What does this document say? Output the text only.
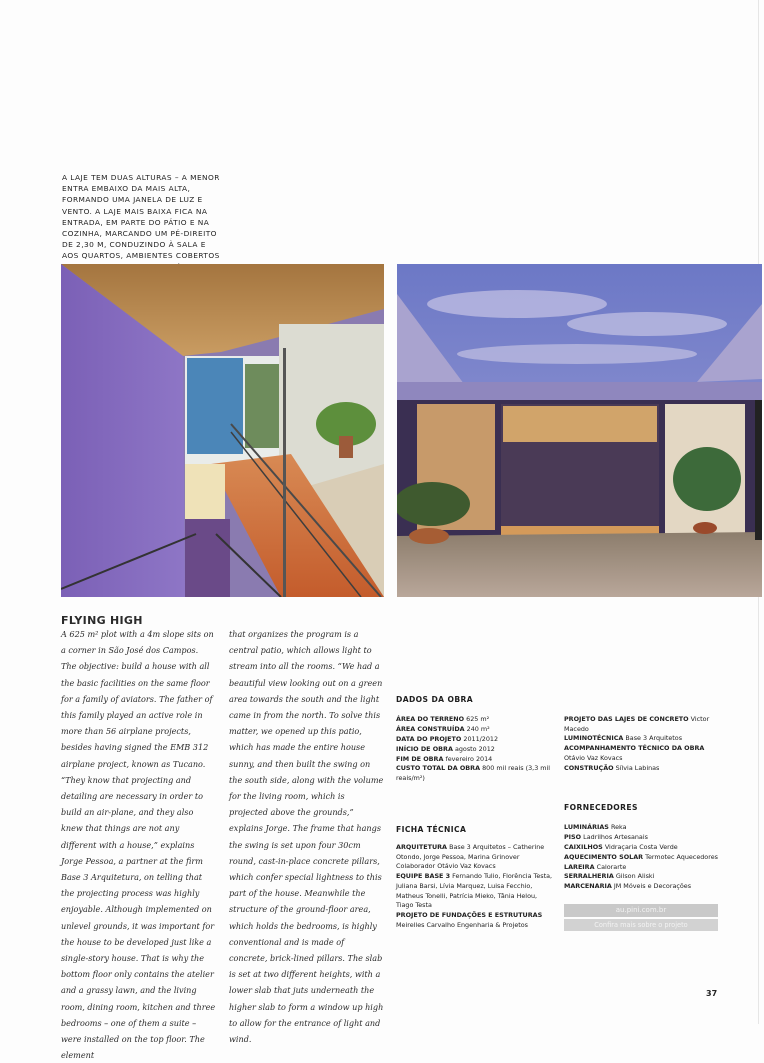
A LAJE TEM DUAS ALTURAS – A MENOR ENTRA EMBAIXO DA MAIS ALTA, FORMANDO UMA JANELA DE LUZ E VENTO. A LAJE MAIS BAIXA FICA NA ENTRADA, EM PARTE DO PÁTIO E NA COZINHA, MARCANDO UM PÉ-DIREITO DE 2,30 M, CONDUZINDO À SALA E AOS QUARTOS, AMBIENTES COBERTOS
FLYING HIGH
A 625 m² plot with a 4m slope sits on a corner in São José dos Campos. The objective: build a house with all the basic facilities on the same floor for a family of aviators. The father of this family played an active role in more than 56 airplane projects, besides having signed the EMB 312 airplane project, known as Tucano. “They know that projecting and detailing are necessary in order to build an air-plane, and they also knew that things are not any different with a house,” explains Jorge Pessoa, a partner at the firm Base 3 Arquitetura, on telling that the projecting process was highly enjoyable. Although implemented on unlevel grounds, it was important for the house to be developed just like a single-story house. That is why the bottom floor only contains the atelier and a grassy lawn, and the living room, dining room, kitchen and three bedrooms – one of them a suite – were installed on the top floor. The element
that organizes the program is a central patio, which allows light to stream into all the rooms. “We had a beautiful view looking out on a green area towards the south and the light came in from the north. To solve this matter, we opened up this patio, which has made the entire house sunny, and then built the swing on the south side, along with the volume for the living room, which is projected above the grounds,” explains Jorge. The frame that hangs the swing is set upon four 30cm round, cast-in-place concrete pillars, which confer special lightness to this part of the house. Meanwhile the structure of the ground-floor area, which holds the bedrooms, is highly conventional and is made of concrete, brick-lined pillars. The slab is set at two different heights, with a lower slab that juts underneath the higher slab to form a window up high to allow for the entrance of light and wind.
DADOS DA OBRA
ÁREA DO TERRENO 625 m²
ÁREA CONSTRUÍDA 240 m²
DATA DO PROJETO 2011/2012
INÍCIO DE OBRA agosto 2012
FIM DE OBRA fevereiro 2014
CUSTO TOTAL DA OBRA 800 mil reais (3,3 mil reais/m²)
FICHA TÉCNICA
ARQUITETURA Base 3 Arquitetos – Catherine Otondo, Jorge Pessoa, Marina Grinover
Colaborador Otávio Vaz Kovacs
EQUIPE BASE 3 Fernando Tulio, Florência Testa, Juliana Barsi, Lívia Marquez, Luisa Fecchio, Matheus Tonelli, Patrícia Mieko, Tânia Helou, Tiago Testa
PROJETO DE FUNDAÇÕES E ESTRUTURAS Meirelles Carvalho Engenharia & Projetos
PROJETO DAS LAJES DE CONCRETO Victor Macedo
LUMINOTÉCNICA Base 3 Arquitetos
ACOMPANHAMENTO TÉCNICO DA OBRA Otávio Vaz Kovacs
CONSTRUÇÃO Sílvia Labinas
FORNECEDORES
LUMINÁRIAS Reka
PISO Ladrilhos Artesanais
CAIXILHOS Vidraçaria Costa Verde
AQUECIMENTO SOLAR Termotec Aquecedores
LAREIRA Calorarte
SERRALHERIA Gilson Aliski
MARCENARIA JM Móveis e Decorações
au.pini.com.br
Confira mais sobre o projeto
37
